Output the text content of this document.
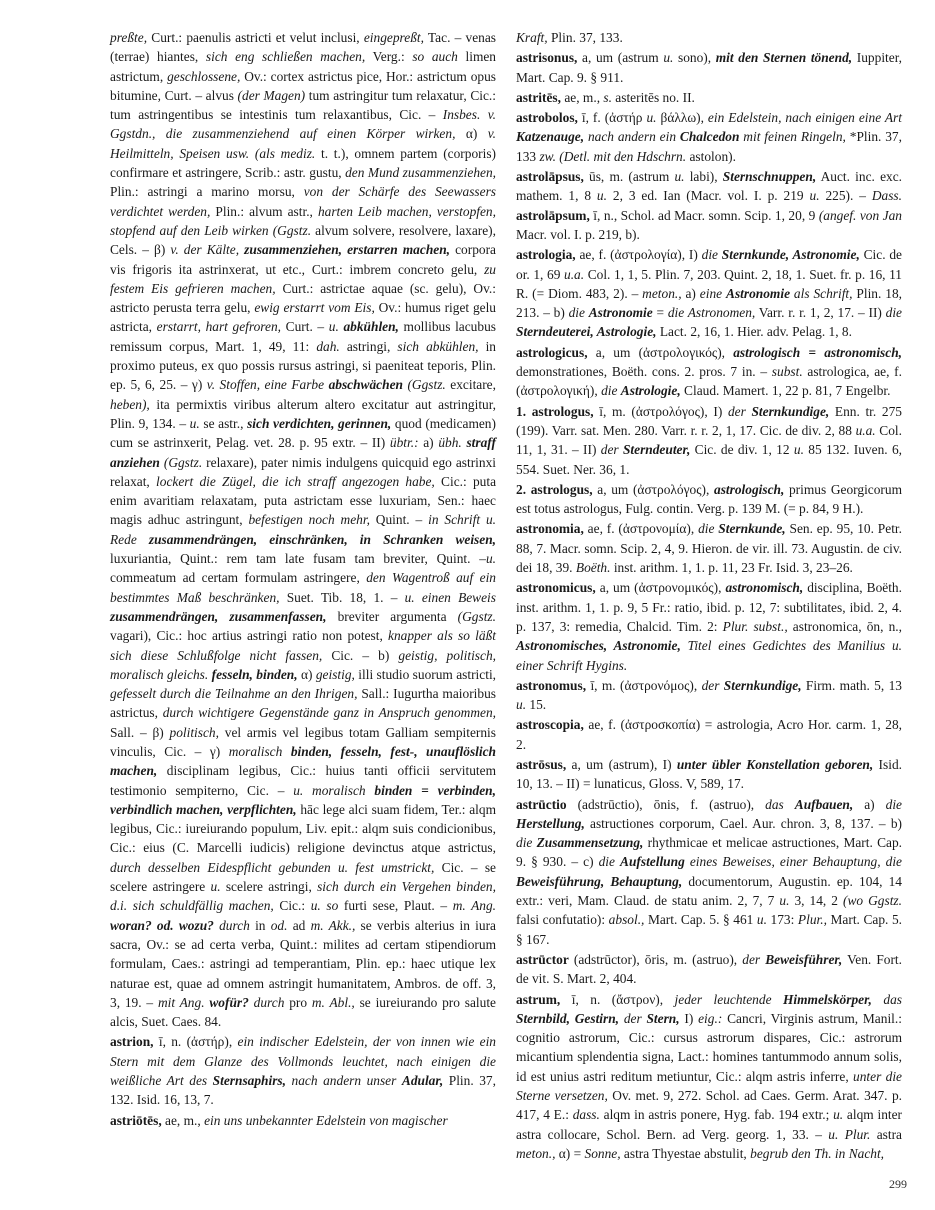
preßte, Curt.: paenulis astricti et velut inclusi, eingepreßt, Tac. – venas (terrae) hiantes, sich eng schließen machen, Verg.: so auch limen astrictum, geschlossene, Ov.: cortex astrictus pice, Hor.: astrictum opus bitumine, Curt. – alvus (der Magen) tum astringitur tum relaxatur, Cic.: tum astringentibus se intestinis tum relaxantibus, Cic. – Insbes. v. Ggstdn., die zusammenziehend auf einen Körper wirken, α) v. Heilmitteln, Speisen usw. (als mediz. t. t.), omnem partem (corporis) confirmare et astringere, Scrib.: astr. gustu, den Mund zusammenziehen, Plin.: astringi a marino morsu, von der Schärfe des Seewassers verdichtet werden, Plin.: alvum astr., harten Leib machen, verstopfen, stopfend auf den Leib wirken (Ggstz. alvum solvere, resolvere, laxare), Cels. – β) v. der Kälte, zusammenziehen, erstarren machen, corpora vis frigoris ita astrinxerat, ut etc., Curt.: imbrem concreto gelu, zu festem Eis gefrieren machen, Curt.: astrictae aquae (sc. gelu), Ov.: astricto perusta terra gelu, ewig erstarrt vom Eis, Ov.: humus riget gelu astricta, erstarrt, hart gefroren, Curt. – u. abkühlen, mollibus lacubus remissum corpus, Mart. 1, 49, 11: dah. astringi, sich abkühlen, in proximo puteus, ex quo possis rursus astringi, si paeniteat teporis, Plin. ep. 5, 6, 25. – γ) v. Stoffen, eine Farbe abschwächen (Ggstz. excitare, heben), ita permixtis viribus alterum altero excitatur aut astringitur, Plin. 9, 134. – u. se astr., sich verdichten, gerinnen, quod (medicamen) cum se astrinxerit, Pelag. vet. 28. p. 95 extr. – II) übtr.: a) übh. straff anziehen (Ggstz. relaxare), pater nimis indulgens quicquid ego astrinxi relaxat, lockert die Zügel, die ich straff angezogen habe, Cic.: puta enim avaritiam relaxatam, puta astrictam esse luxuriam, Sen.: haec magis adhuc astringunt, befestigen noch mehr, Quint. – in Schrift u. Rede zusammendrängen, einschränken, in Schranken weisen, luxuriantia, Quint.: rem tam late fusam tam breviter, Quint. –u. commeatum ad certam formulam astringere, den Wagentroß auf ein bestimmtes Maß beschränken, Suet. Tib. 18, 1. – u. einen Beweis zusammendrängen, zusammenfassen, breviter argumenta (Ggstz. vagari), Cic.: hoc artius astringi ratio non potest, knapper als so läßt sich diese Schlußfolge nicht fassen, Cic. – b) geistig, politisch, moralisch gleichs. fesseln, binden, α) geistig, illi studio suorum astricti, gefesselt durch die Teilnahme an den Ihrigen, Sall.: Iugurtha maioribus astrictus, durch wichtigere Gegenstände ganz in Anspruch genommen, Sall. – β) politisch, vel armis vel legibus totam Galliam sempiternis vinculis, Cic. – γ) moralisch binden, fesseln, fest-, unauflöslich machen, disciplinam legibus, Cic.: huius tanti officii servitutem testimonio sempiterno, Cic. – u. moralisch binden = verbinden, verbindlich machen, verpflichten, hāc lege alci suam fidem, Ter.: alqm legibus, Cic.: iureiurando populum, Liv. epit.: alqm suis condicionibus, Cic.: eius (C. Marcelli iudicis) religione devinctus atque astrictus, durch desselben Eidespflicht gebunden u. fest umstrickt, Cic. – se scelere astringere u. scelere astringi, sich durch ein Vergehen binden, d.i. sich schuldfällig machen, Cic.: u. so furti sese, Plaut. – m. Ang. woran? od. wozu? durch in od. ad m. Akk., se verbis alterius in iura sacra, Ov.: se ad certa verba, Quint.: milites ad certam stipendiorum formulam, Caes.: astringi ad temperantiam, Plin. ep.: haec utique lex naturae est, quae ad omnem astringit humanitatem, Ambros. de off. 3, 3, 19. – mit Ang. wofür? durch pro m. Abl., se iureiurando pro salute alcis, Suet. Caes. 84.

astrion, ī, n. (ἀστήρ), ein indischer Edelstein, der von innen wie ein Stern mit dem Glanze des Vollmonds leuchtet, nach einigen die weißliche Art des Sternsaphirs, nach andern unser Adular, Plin. 37, 132. Isid. 16, 13, 7.

astriōtēs, ae, m., ein uns unbekannter Edelstein von magischer

Kraft, Plin. 37, 133.

astrisonus, a, um (astrum u. sono), mit den Sternen tönend, Iuppiter, Mart. Cap. 9. § 911.

astritēs, ae, m., s. asteritēs no. II.

astrobolos, ī, f. (ἀστήρ u. βάλλω), ein Edelstein, nach einigen eine Art Katzenauge, nach andern ein Chalcedon mit feinen Ringeln, *Plin. 37, 133 zw. (Detl. mit den Hdschrn. astolon).

astrolāpsus, ūs, m. (astrum u. labi), Sternschnuppen, Auct. inc. exc. mathem. 1, 8 u. 2, 3 ed. Ian (Macr. vol. I. p. 219 u. 225). – Dass. astrolāpsum, ī, n., Schol. ad Macr. somn. Scip. 1, 20, 9 (angef. von Jan Macr. vol. I. p. 219, b).

astrologia, ae, f. (ἀστρολογία), I) die Sternkunde, Astronomie, Cic. de or. 1, 69 u.a. Col. 1, 1, 5. Plin. 7, 203. Quint. 2, 18, 1. Suet. fr. p. 16, 11 R. (= Diom. 483, 2). – meton., a) eine Astronomie als Schrift, Plin. 18, 213. – b) die Astronomie = die Astronomen, Varr. r. r. 1, 2, 17. – II) die Sterndeuterei, Astrologie, Lact. 2, 16, 1. Hier. adv. Pelag. 1, 8.

astrologicus, a, um (ἀστρολογικός), astrologisch = astronomisch, demonstrationes, Boëth. cons. 2. pros. 7 in. – subst. astrologica, ae, f. (ἀστρολογική), die Astrologie, Claud. Mamert. 1, 22 p. 81, 7 Engelbr.

1. astrologus, ī, m. (ἀστρολόγος), I) der Sternkundige, Enn. tr. 275 (199). Varr. sat. Men. 280. Varr. r. r. 2, 1, 17. Cic. de div. 2, 88 u.a. Col. 11, 1, 31. – II) der Sterndeuter, Cic. de div. 1, 12 u. 85 132. Iuven. 6, 554. Suet. Ner. 36, 1.

2. astrologus, a, um (ἀστρολόγος), astrologisch, primus Georgicorum est totus astrologus, Fulg. contin. Verg. p. 139 M. (= p. 84, 9 H.).

astronomia, ae, f. (ἀστρονομία), die Sternkunde, Sen. ep. 95, 10. Petr. 88, 7. Macr. somn. Scip. 2, 4, 9. Hieron. de vir. ill. 73. Augustin. de civ. dei 18, 39. Boëth. inst. arithm. 1, 1. p. 11, 23 Fr. Isid. 3, 23–26.

astronomicus, a, um (ἀστρονομικός), astronomisch, disciplina, Boëth. inst. arithm. 1, 1. p. 9, 5 Fr.: ratio, ibid. p. 12, 7: subtilitates, ibid. 2, 4. p. 137, 3: remedia, Chalcid. Tim. 2: Plur. subst., astronomica, ōn, n., Astronomisches, Astronomie, Titel eines Gedichtes des Manilius u. einer Schrift Hygins.

astronomus, ī, m. (ἀστρονόμος), der Sternkundige, Firm. math. 5, 13 u. 15.

astroscopia, ae, f. (ἀστροσκοπία) = astrologia, Acro Hor. carm. 1, 28, 2.

astrōsus, a, um (astrum), I) unter übler Konstellation geboren, Isid. 10, 13. – II) = lunaticus, Gloss. V, 589, 17.

astrūctio (adstrūctio), ōnis, f. (astruo), das Aufbauen, a) die Herstellung, astructiones corporum, Cael. Aur. chron. 3, 8, 137. – b) die Zusammensetzung, rhythmicae et melicae astructiones, Mart. Cap. 9. § 930. – c) die Aufstellung eines Beweises, einer Behauptung, die Beweisführung, Behauptung, documentorum, Augustin. ep. 104, 14 extr.: veri, Mam. Claud. de statu anim. 2, 7, 7 u. 3, 14, 2 (wo Ggstz. falsi confutatio): absol., Mart. Cap. 5. § 461 u. 173: Plur., Mart. Cap. 5. § 167.

astrūctor (adstrūctor), ōris, m. (astruo), der Beweisführer, Ven. Fort. de vit. S. Mart. 2, 404.

astrum, ī, n. (ἄστρον), jeder leuchtende Himmelskörper, das Sternbild, Gestirn, der Stern, I) eig.: Cancri, Virginis astrum, Manil.: cognitio astrorum, Cic.: cursus astrorum dispares, Cic.: astrorum micantium splendentia signa, Lact.: homines tantummodo annum solis, id est unius astri reditum metiuntur, Cic.: alqm astris inferre, unter die Sterne versetzen, Ov. met. 9, 272. Schol. ad Caes. Germ. Arat. 347. p. 417, 4 E.: dass. alqm in astris ponere, Hyg. fab. 194 extr.; u. alqm inter astra collocare, Schol. Bern. ad Verg. georg. 1, 33. – u. Plur. astra meton., α) = Sonne, astra Thyestae abstulit, begrub den Th. in Nacht,

299
